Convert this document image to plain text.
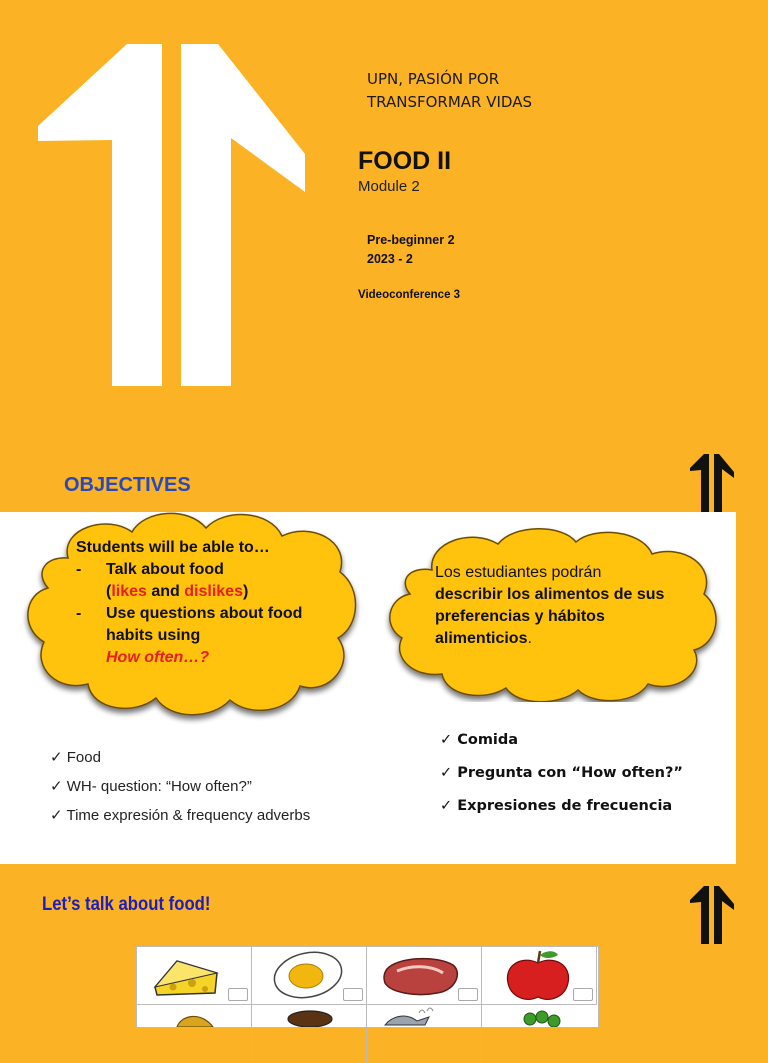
UPN, PASIÓN POR
TRANSFORMAR VIDAS
FOOD II
Module 2
Pre-beginner 2
2023 - 2
Videoconference 3
OBJECTIVES
Students will be able to…
- Talk about food
(likes and dislikes)
- Use questions about food habits using
How often…?
Los estudiantes podrán
describir los alimentos de sus preferencias y hábitos alimenticios.
✓ Food
✓ WH- question: “How often?”
✓ Time expresión & frequency adverbs
✓ Comida
✓ Pregunta con “How often?”
✓ Expresiones de frecuencia
Let’s talk about food!
